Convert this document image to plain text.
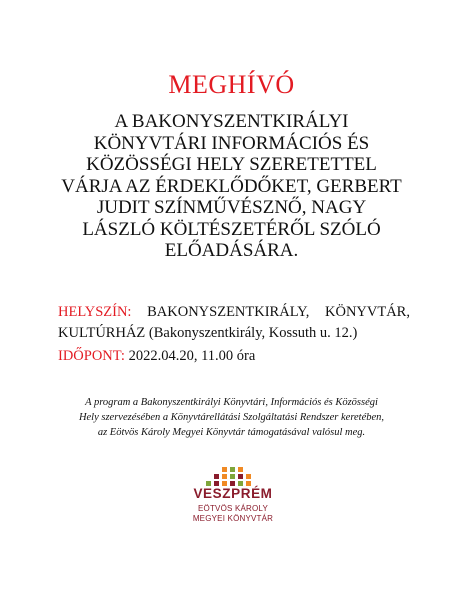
MEGHÍVÓ
A BAKONYSZENTKIRÁLYI
KÖNYVTÁRI INFORMÁCIÓS ÉS
KÖZÖSSÉGI HELY SZERETETTEL
VÁRJA AZ ÉRDEKLŐDŐKET, GERBERT
JUDIT SZÍNMŰVÉSZNŐ, NAGY
LÁSZLÓ KÖLTÉSZETÉRŐL SZÓLÓ
ELŐADÁSÁRA.
HELYSZÍN: BAKONYSZENTKIRÁLY, KÖNYVTÁR,
KULTÚRHÁZ (Bakonyszentkirály, Kossuth u. 12.)
IDŐPONT: 2022.04.20, 11.00 óra
A program a Bakonyszentkirályi Könyvtári, Információs és Közösségi
Hely szervezésében a Könyvtárellátási Szolgáltatási Rendszer keretében,
az Eötvös Károly Megyei Könyvtár támogatásával valósul meg.
VESZPRÉM
EÖTVÖS KÁROLY
MEGYEI KÖNYVTÁR
